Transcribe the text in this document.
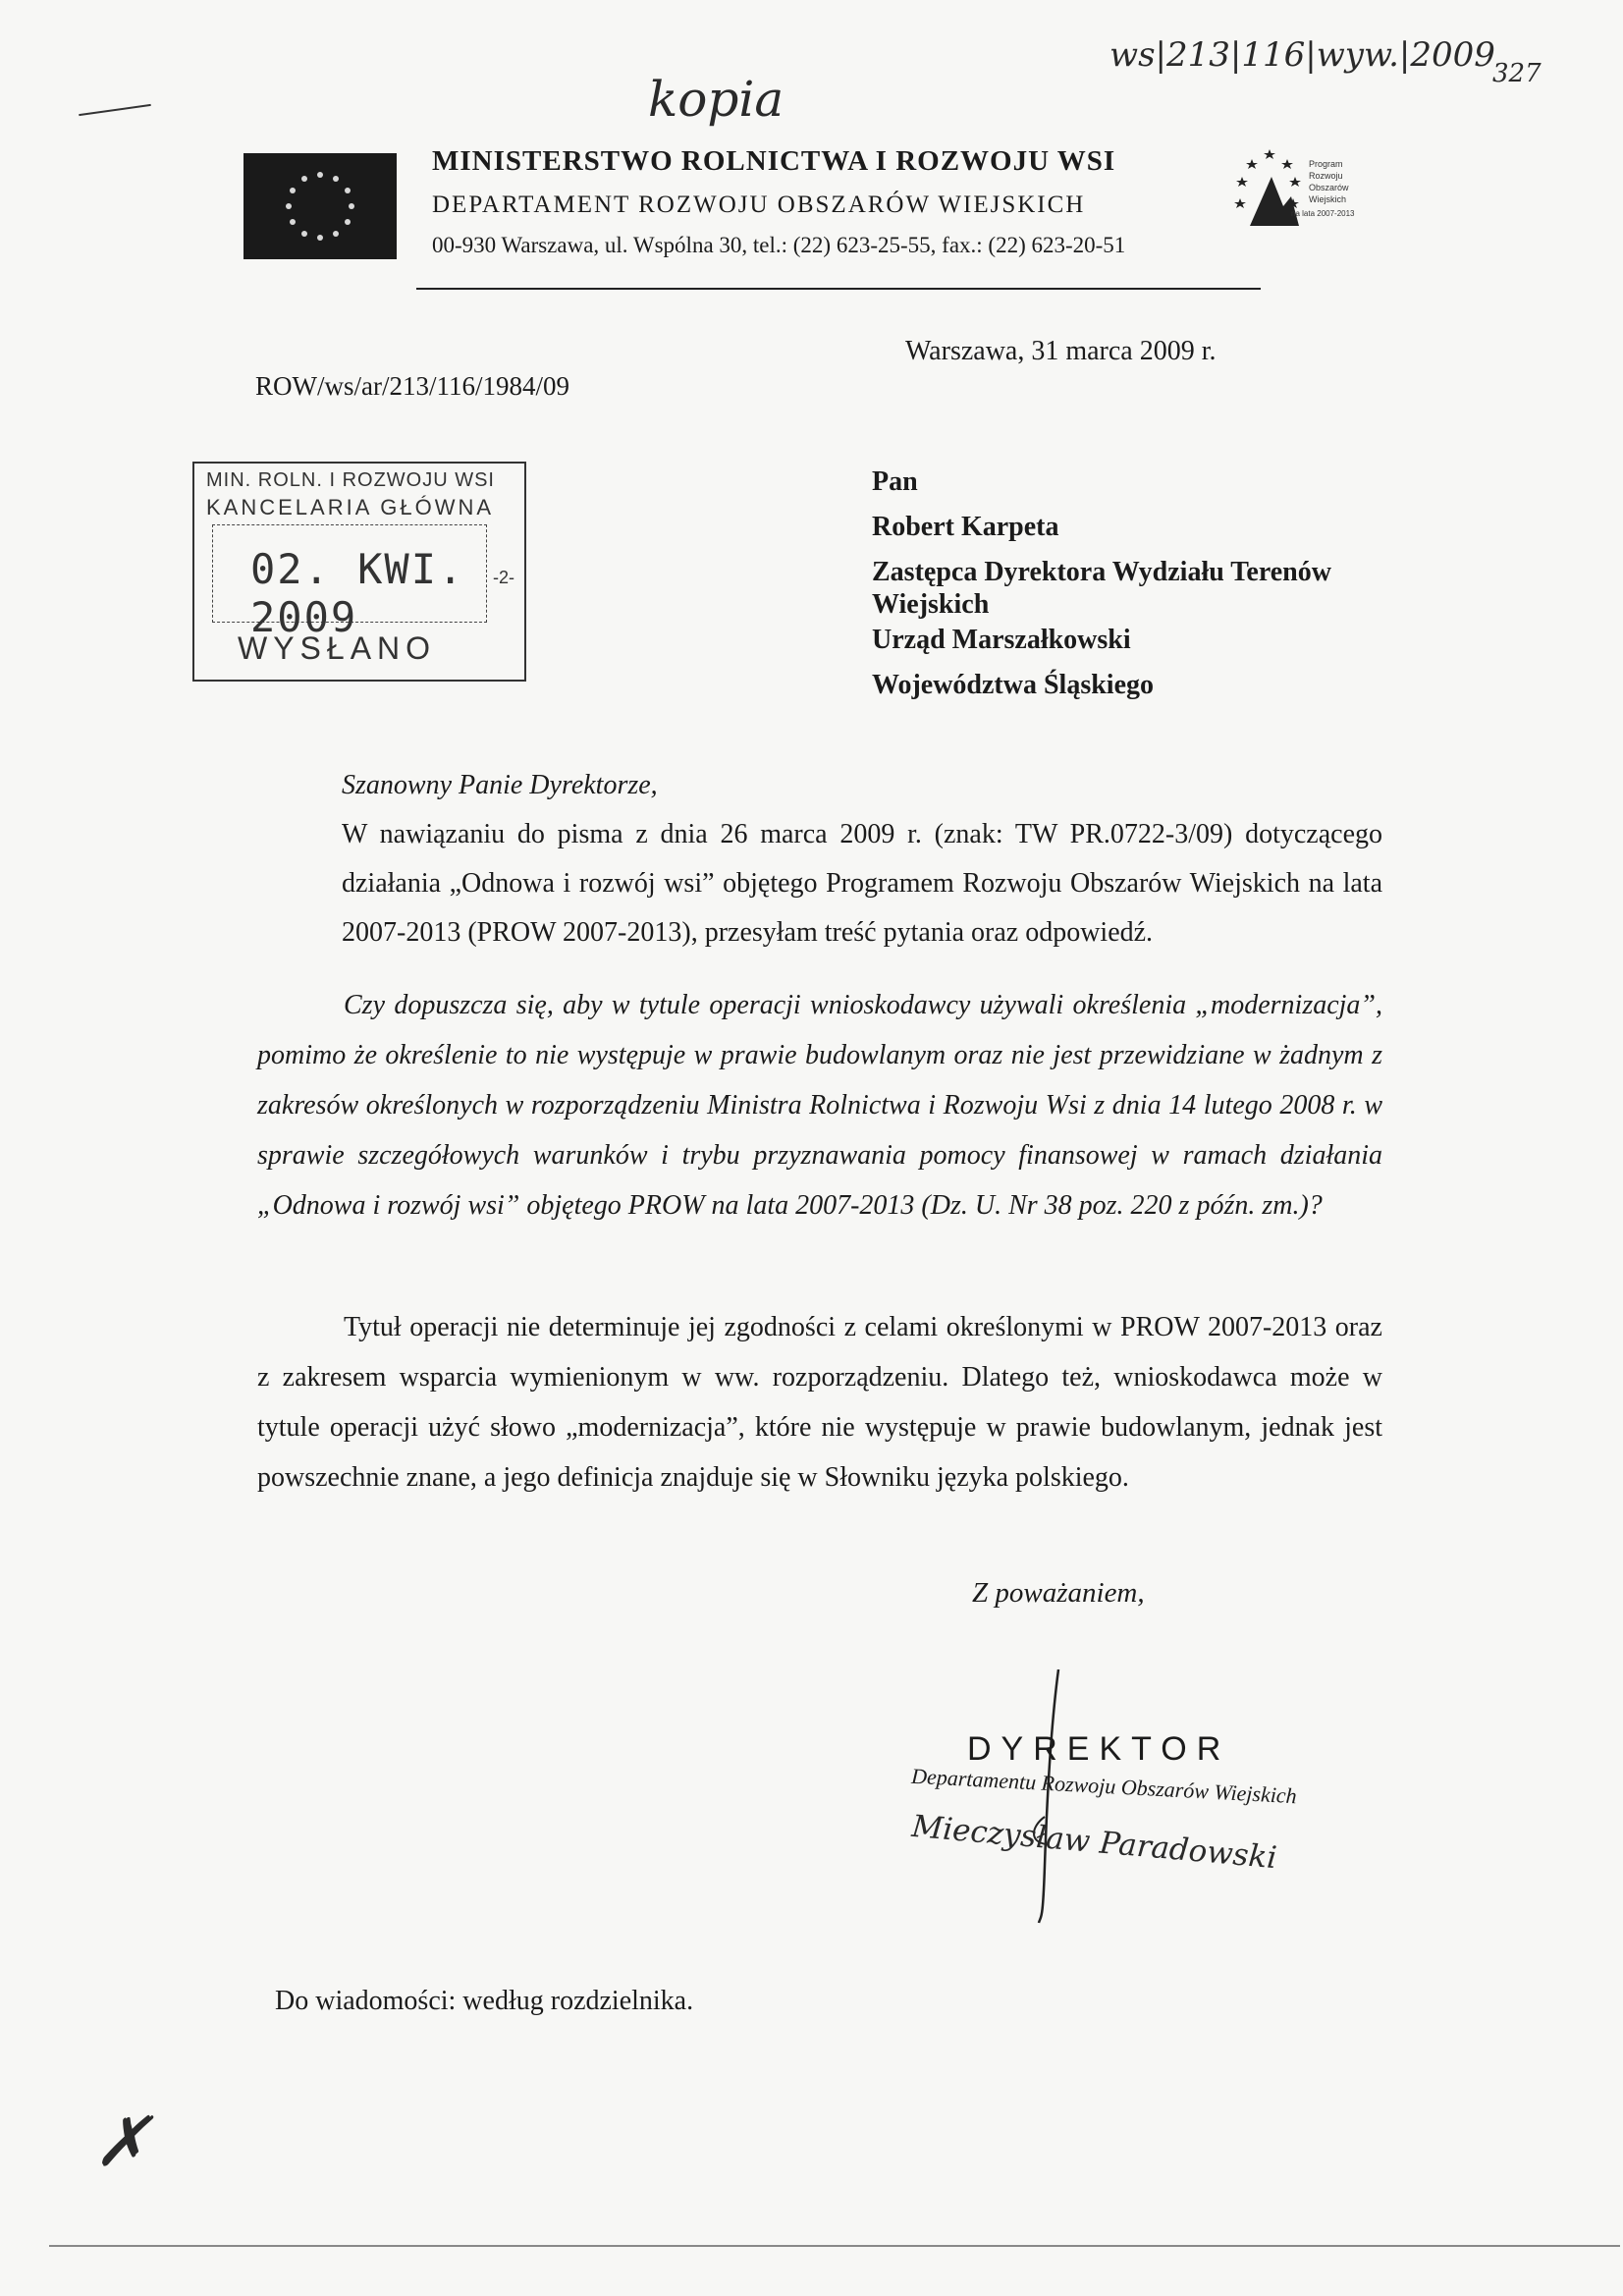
ws|213|116|wyw.|2009
327
kopia
MINISTERSTWO ROLNICTWA I ROZWOJU WSI
DEPARTAMENT ROZWOJU OBSZARÓW WIEJSKICH
00-930 Warszawa, ul. Wspólna 30, tel.: (22) 623-25-55, fax.: (22) 623-20-51
Program
Rozwoju
Obszarów
Wiejskich
na lata 2007-2013
ROW/ws/ar/213/116/1984/09
Warszawa, 31 marca 2009 r.
MIN. ROLN. I ROZWOJU WSI
KANCELARIA GŁÓWNA
02. KWI. 2009
-2-
WYSŁANO
Pan
Robert Karpeta
Zastępca Dyrektora Wydziału Terenów Wiejskich
Urząd Marszałkowski
Województwa Śląskiego
Szanowny Panie Dyrektorze,
W nawiązaniu do pisma z dnia 26 marca 2009 r. (znak: TW PR.0722-3/09) dotyczącego działania „Odnowa i rozwój wsi” objętego Programem Rozwoju Obszarów Wiejskich na lata 2007-2013 (PROW 2007-2013), przesyłam treść pytania oraz odpowiedź.
Czy dopuszcza się, aby w tytule operacji wnioskodawcy używali określenia „modernizacja”, pomimo że określenie to nie występuje w prawie budowlanym oraz nie jest przewidziane w żadnym z zakresów określonych w rozporządzeniu Ministra Rolnictwa i Rozwoju Wsi z dnia 14 lutego 2008 r. w sprawie szczegółowych warunków i trybu przyznawania pomocy finansowej w ramach działania „Odnowa i rozwój wsi” objętego PROW na lata 2007-2013 (Dz. U. Nr 38 poz. 220 z późn. zm.)?
Tytuł operacji nie determinuje jej zgodności z celami określonymi w PROW 2007-2013 oraz z zakresem wsparcia wymienionym w ww. rozporządzeniu. Dlatego też, wnioskodawca może w tytule operacji użyć słowo „modernizacja”, które nie występuje w prawie budowlanym, jednak jest powszechnie znane, a jego definicja znajduje się w Słowniku języka polskiego.
Z poważaniem,
DYREKTOR
Departamentu Rozwoju Obszarów Wiejskich
Mieczysław Paradowski
Do wiadomości: według rozdzielnika.
✗
